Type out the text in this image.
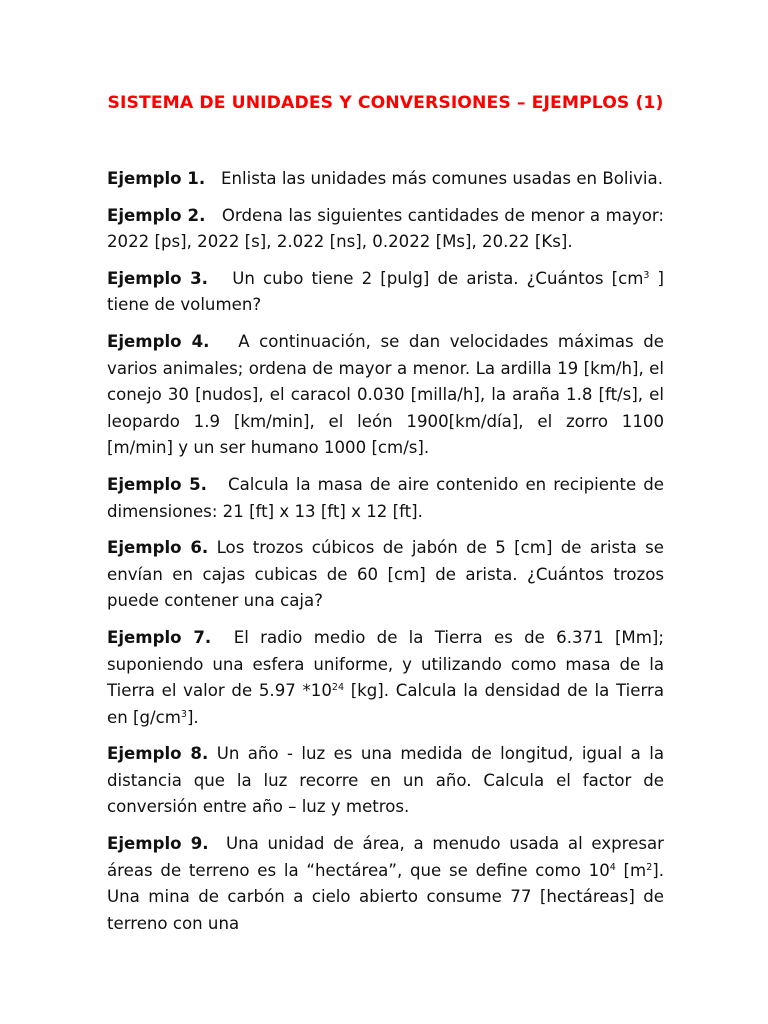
SISTEMA DE UNIDADES Y CONVERSIONES – EJEMPLOS (1)

Ejemplo 1. Enlista las unidades más comunes usadas en Bolivia.

Ejemplo 2. Ordena las siguientes cantidades de menor a mayor: 2022 [ps], 2022 [s], 2.022 [ns], 0.2022 [Ms], 20.22 [Ks].

Ejemplo 3. Un cubo tiene 2 [pulg] de arista. ¿Cuántos [$cm^3$ ] tiene de volumen?

Ejemplo 4. A continuación, se dan velocidades máximas de varios animales; ordena de mayor a menor. La ardilla 19 [km/h], el conejo 30 [nudos], el caracol 0.030 [milla/h], la araña 1.8 [ft/s], el leopardo 1.9 [km/min], el león 1900[km/día], el zorro 1100 [m/min] y un ser humano 1000 [cm/s].

Ejemplo 5. Calcula la masa de aire contenido en recipiente de dimensiones: 21 [ft] x 13 [ft] x 12 [ft].

Ejemplo 6. Los trozos cúbicos de jabón de 5 [cm] de arista se envían en cajas cubicas de 60 [cm] de arista. ¿Cuántos trozos puede contener una caja?

Ejemplo 7. El radio medio de la Tierra es de 6.371 [Mm]; suponiendo una esfera uniforme, y utilizando como masa de la Tierra el valor de 5.97 $*10^{24}$ [kg]. Calcula la densidad de la Tierra en $[g/cm^3]$.

Ejemplo 8. Un año - luz es una medida de longitud, igual a la distancia que la luz recorre en un año. Calcula el factor de conversión entre año – luz y metros.

Ejemplo 9. Una unidad de área, a menudo usada al expresar áreas de terreno es la “hectárea”, que se define como $10^4$ $[m^2]$. Una mina de carbón a cielo abierto consume 77 [hectáreas] de terreno con una
